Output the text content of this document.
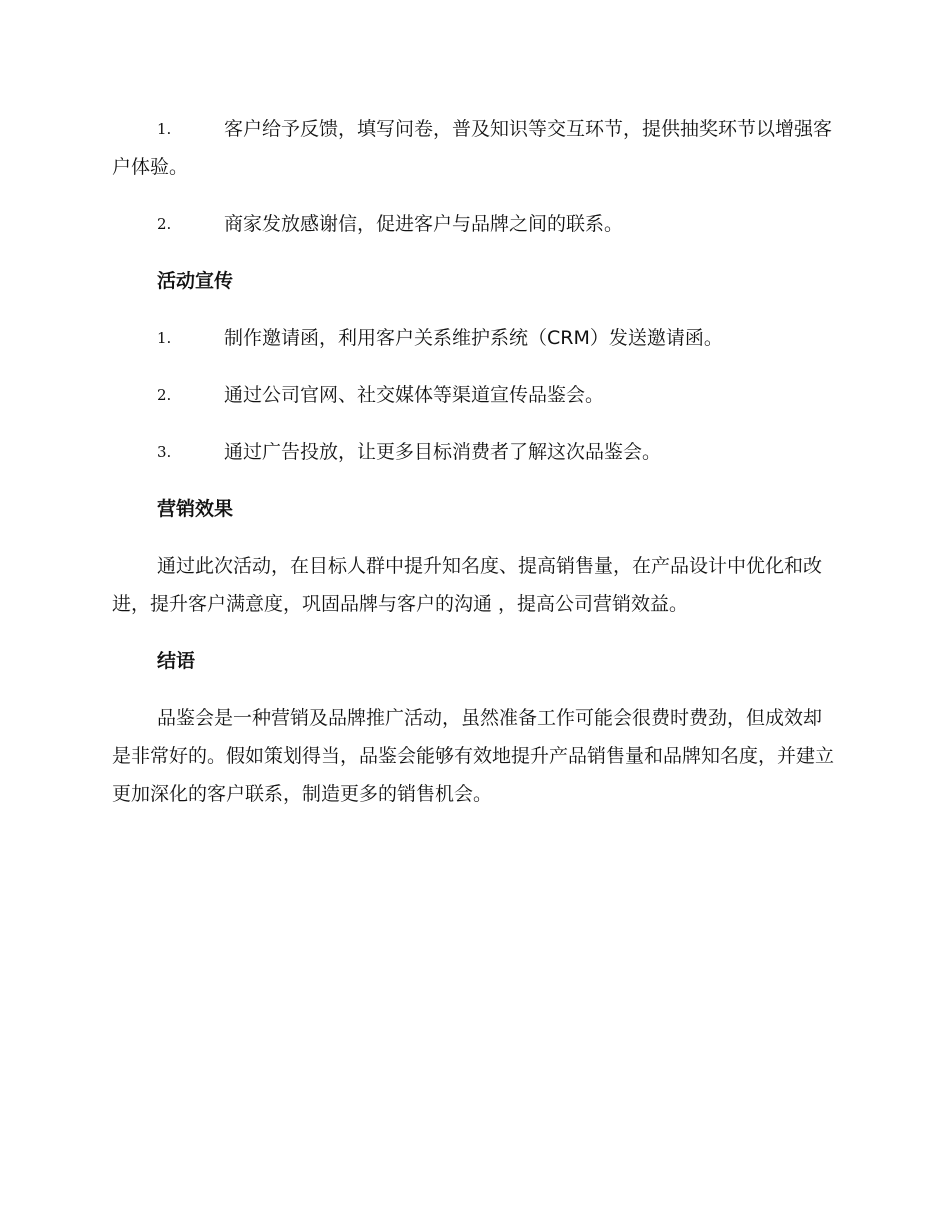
1.	客户给予反馈，填写问卷，普及知识等交互环节，提供抽奖环节以增强客户体验。
2.	商家发放感谢信，促进客户与品牌之间的联系。
活动宣传
1.	制作邀请函，利用客户关系维护系统（CRM）发送邀请函。
2.	通过公司官网、社交媒体等渠道宣传品鉴会。
3.	通过广告投放，让更多目标消费者了解这次品鉴会。
营销效果
通过此次活动，在目标人群中提升知名度、提高销售量，在产品设计中优化和改进，提升客户满意度，巩固品牌与客户的沟通 ，提高公司营销效益。
结语
品鉴会是一种营销及品牌推广活动，虽然准备工作可能会很费时费劲，但成效却是非常好的。假如策划得当，品鉴会能够有效地提升产品销售量和品牌知名度，并建立更加深化的客户联系，制造更多的销售机会。
